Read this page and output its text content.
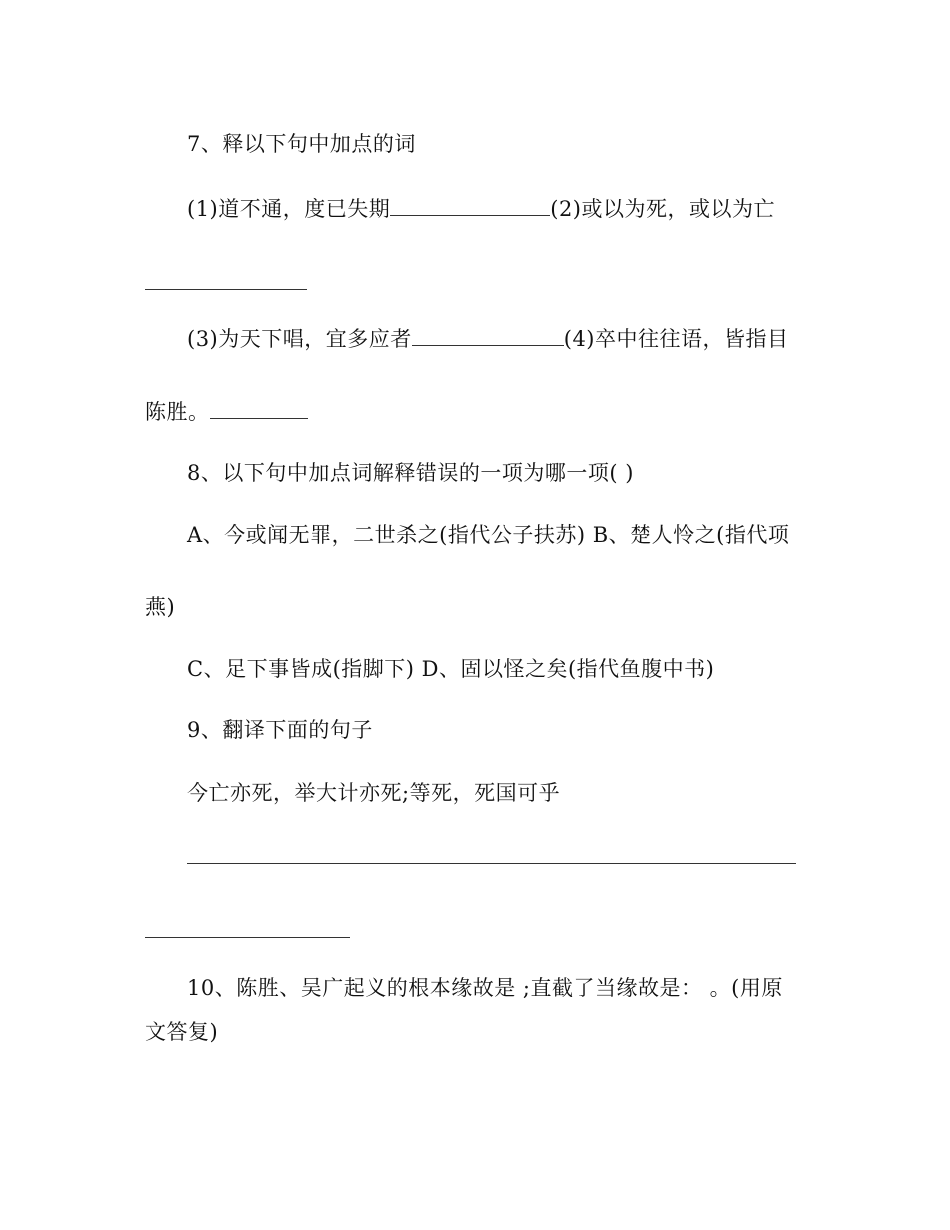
7、释以下句中加点的词
(1)道不通，度已失期	(2)或以为死，或以为亡
(3)为天下唱，宜多应者	(4)卒中往往语，皆指目
陈胜。
8、以下句中加点词解释错误的一项为哪一项( )
A、今或闻无罪，二世杀之(指代公子扶苏) B、楚人怜之(指代项
燕)
C、足下事皆成(指脚下) D、固以怪之矣(指代鱼腹中书)
9、翻译下面的句子
今亡亦死，举大计亦死;等死，死国可乎
10、陈胜、吴广起义的根本缘故是 ;直截了当缘故是： 。(用原
文答复)
